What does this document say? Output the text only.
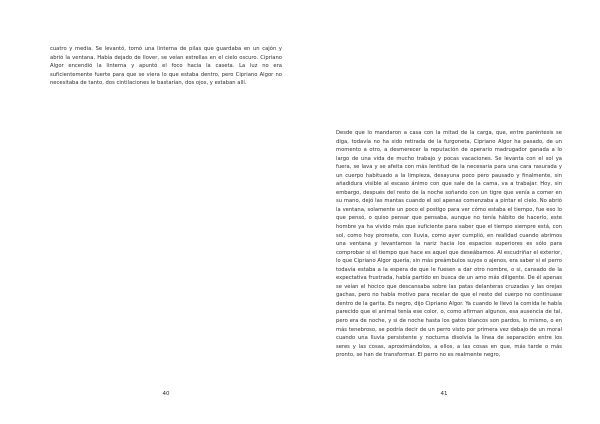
cuatro y media. Se levantó, tomó una linterna de pilas que guardaba en un cajón y abrió la ventana. Había dejado de llover, se veían estrellas en el cielo oscuro. Cipriano Algor encendió la linterna y apuntó el foco hacia la caseta. La luz no era suficientemente fuerte para que se viera lo que estaba dentro, pero Cipriano Algor no necesitaba de tanto, dos cintilaciones le bastarían, dos ojos, y estaban allí.
40
Desde que lo mandaron a casa con la mitad de la carga, que, entre paréntesis se diga, todavía no ha sido retirada de la furgoneta, Cipriano Algor ha pasado, de un momento a otro, a desmerecer la reputación de operario madrugador ganada a lo largo de una vida de mucho trabajo y pocas vacaciones. Se levanta con el sol ya fuera, se lava y se afeita con más lentitud de la necesaria para una cara rasurada y un cuerpo habituado a la limpieza, desayuna poco pero pausado y finalmente, sin añadidura visible al escaso ánimo con que sale de la cama, va a trabajar. Hoy, sin embargo, después del resto de la noche soñando con un tigre que venía a comer en su mano, dejó las mantas cuando el sol apenas comenzaba a pintar el cielo. No abrió la ventana, solamente un poco el postigo para ver cómo estaba el tiempo, fue eso lo que pensó, o quiso pensar que pensaba, aunque no tenía hábito de hacerlo, este hombre ya ha vivido más que suficiente para saber que el tiempo siempre está, con sol, como hoy promete, con lluvia, como ayer cumplió, en realidad cuando abrimos una ventana y levantamos la nariz hacia los espacios superiores es sólo para comprobar si el tiempo que hace es aquel que deseábamos. Al escudriñar el exterior, lo que Cipriano Algor quería, sin más preámbulos suyos o ajenos, era saber si el perro todavía estaba a la espera de que le fuesen a dar otro nombre, o si, cansado de la expectativa frustrada, había partido en busca de un amo más diligente. De él apenas se veían el hocico que descansaba sobre las patas delanteras cruzadas y las orejas gachas, pero no había motivo para recelar de que el resto del cuerpo no continuase dentro de la garita. Es negro, dijo Cipriano Algor. Ya cuando le llevó la comida le había parecido que el animal tenía ese color, o, como afirman algunos, esa ausencia de tal, pero era de noche, y si de noche hasta los gatos blancos son pardos, lo mismo, o en más tenebroso, se podría decir de un perro visto por primera vez debajo de un moral cuando una lluvia persistente y nocturna disolvía la línea de separación entre los seres y las cosas, aproximándolos, a ellos, a las cosas en que, más tarde o más pronto, se han de transformar. El perro no es realmente negro,
41
